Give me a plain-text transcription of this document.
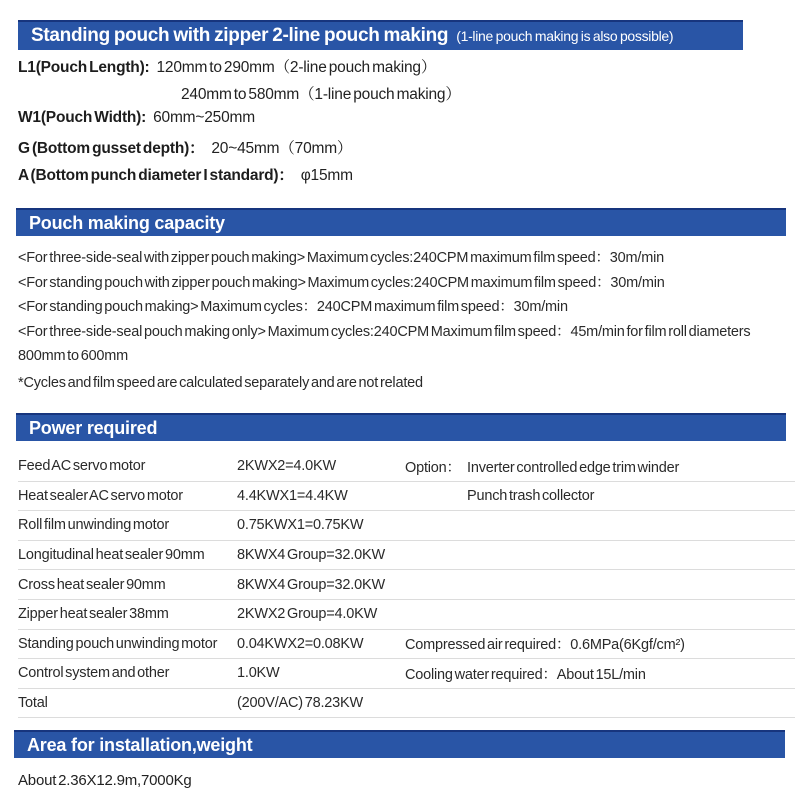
Standing pouch with zipper 2-line pouch making (1-line pouch making is also possible)
L1(Pouch Length): 120mm to 290mm（2-line pouch making）
240mm to 580mm（1-line pouch making）
W1(Pouch Width): 60mm~250mm
G (Bottom gusset depth)： 20~45mm（70mm）
A (Bottom punch diameter I standard)： φ15mm
Pouch making capacity
<For three-side-seal with zipper pouch making> Maximum cycles:240CPM maximum film speed：30m/min
<For standing pouch with zipper pouch making> Maximum cycles:240CPM maximum film speed：30m/min
<For standing pouch making> Maximum cycles：240CPM maximum film speed：30m/min
<For three-side-seal pouch making only> Maximum cycles:240CPM Maximum film speed：45m/min for film roll diameters
800mm to 600mm
*Cycles and film speed are calculated separately and are not related
Power required
Feed AC servo motor	2KWX2=4.0KW	Option： Inverter controlled edge trim winder
Heat sealer AC servo motor	4.4KWX1=4.4KW	Punch trash collector
Roll film unwinding motor	0.75KWX1=0.75KW
Longitudinal heat sealer 90mm	8KWX4 Group=32.0KW
Cross heat sealer 90mm	8KWX4 Group=32.0KW
Zipper heat sealer 38mm	2KWX2 Group=4.0KW
Standing pouch unwinding motor	0.04KWX2=0.08KW	Compressed air required：0.6MPa(6Kgf/cm²)
Control system and other	1.0KW	Cooling water required：About 15L/min
Total	(200V/AC) 78.23KW
Area for installation,weight
About 2.36X12.9m,7000Kg
